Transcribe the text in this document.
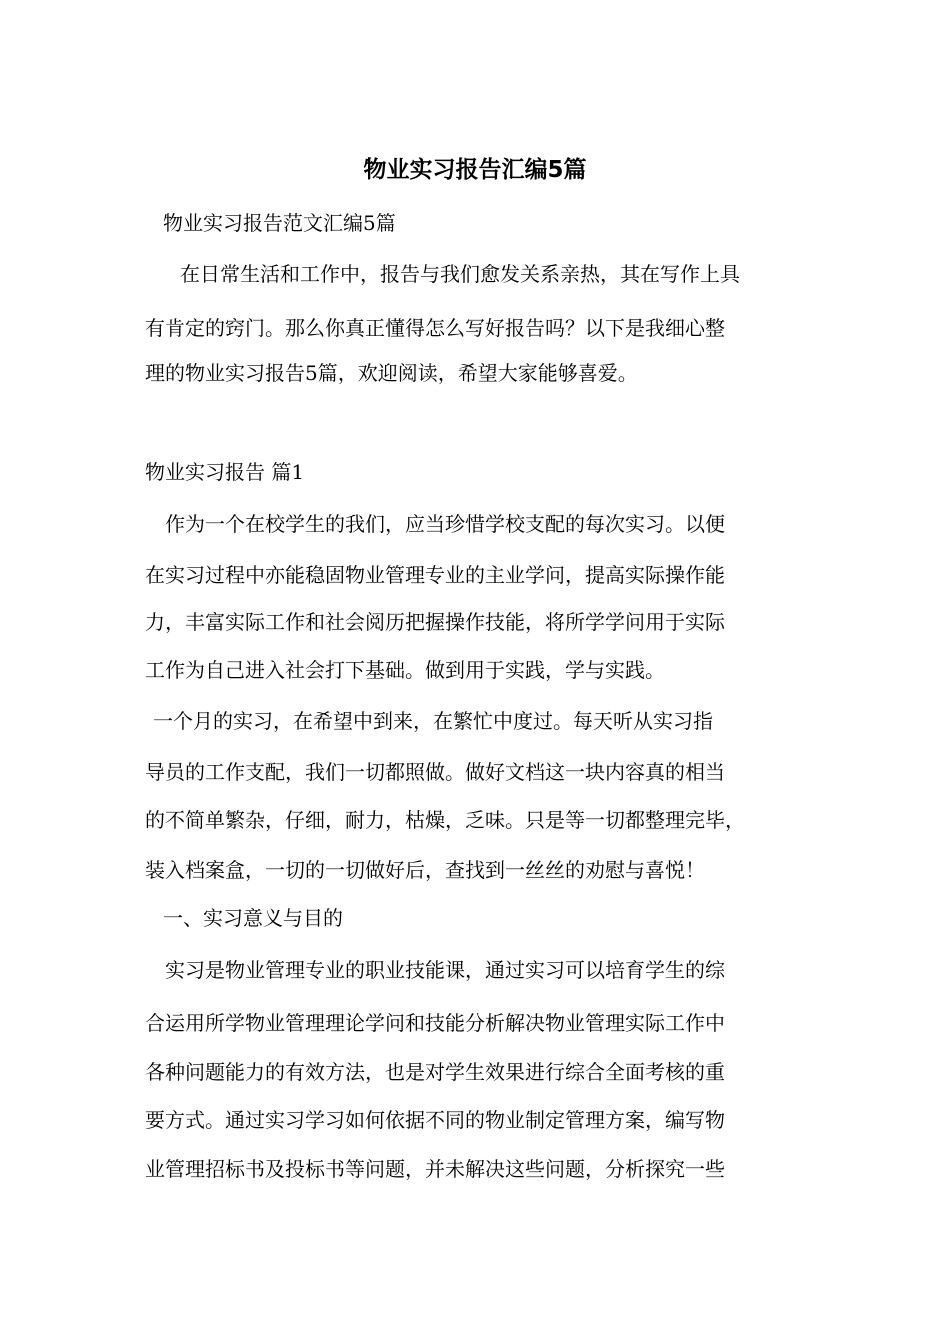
物业实习报告汇编5篇

物业实习报告范文汇编5篇

在日常生活和工作中，报告与我们愈发关系亲热，其在写作上具

有肯定的窍门。那么你真正懂得怎么写好报告吗？以下是我细心整

理的物业实习报告5篇，欢迎阅读，希望大家能够喜爱。

物业实习报告 篇1

作为一个在校学生的我们，应当珍惜学校支配的每次实习。以便

在实习过程中亦能稳固物业管理专业的主业学问，提高实际操作能

力，丰富实际工作和社会阅历把握操作技能，将所学学问用于实际

工作为自己进入社会打下基础。做到用于实践，学与实践。

一个月的实习，在希望中到来，在繁忙中度过。每天听从实习指

导员的工作支配，我们一切都照做。做好文档这一块内容真的相当

的不简单繁杂，仔细，耐力，枯燥，乏味。只是等一切都整理完毕，

装入档案盒，一切的一切做好后，查找到一丝丝的劝慰与喜悦！

一、实习意义与目的

实习是物业管理专业的职业技能课，通过实习可以培育学生的综

合运用所学物业管理理论学问和技能分析解决物业管理实际工作中

各种问题能力的有效方法，也是对学生效果进行综合全面考核的重

要方式。通过实习学习如何依据不同的物业制定管理方案，编写物

业管理招标书及投标书等问题，并未解决这些问题，分析探究一些
